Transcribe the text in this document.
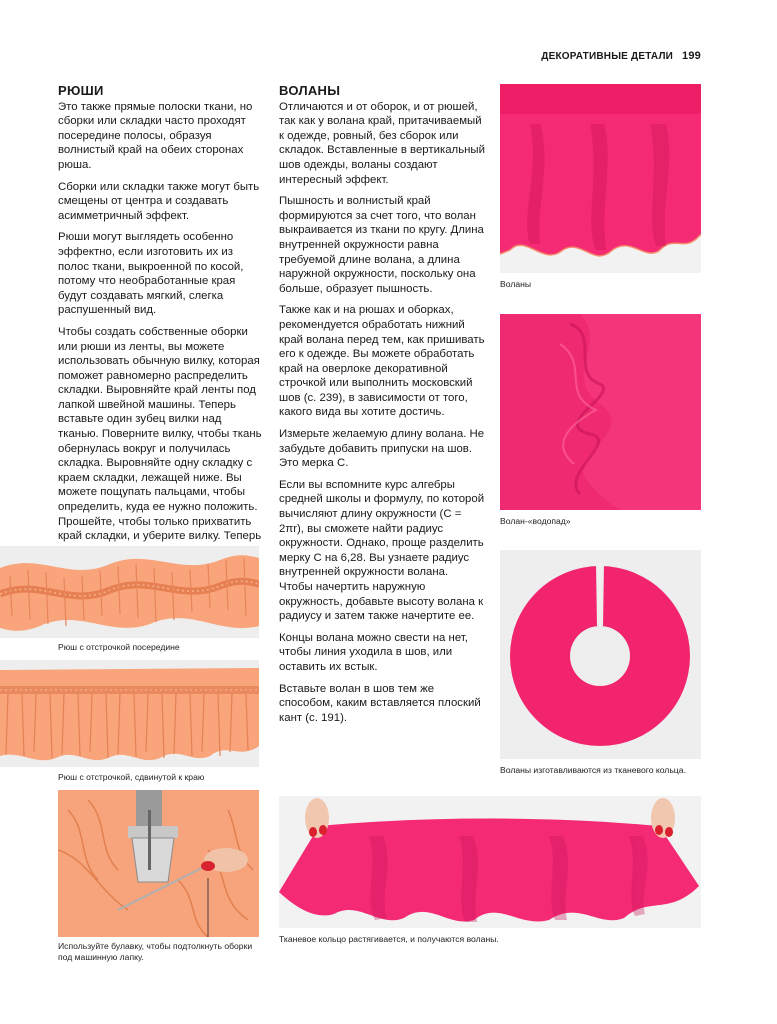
ДЕКОРАТИВНЫЕ ДЕТАЛИ 199
РЮШИ

Это также прямые полоски ткани, но сборки или складки часто проходят посередине полосы, образуя волнистый край на обеих сторонах рюша.

Сборки или складки также могут быть смещены от центра и создавать асимметричный эффект.

Рюши могут выглядеть особенно эффектно, если изготовить их из полос ткани, выкроенной по косой, потому что необработанные края будут создавать мягкий, слегка распушенный вид.

Чтобы создать собственные оборки или рюши из ленты, вы можете использовать обычную вилку, которая поможет равномерно распределить складки. Выровняйте край ленты под лапкой швейной машины. Теперь вставьте один зубец вилки над тканью. Поверните вилку, чтобы ткань обернулась вокруг и получилась складка. Выровняйте одну складку с краем складки, лежащей ниже. Вы можете пощупать пальцами, чтобы определить, куда ее нужно положить. Прошейте, чтобы только прихватить край складки, и уберите вилку. Теперь

ВОЛАНЫ

Отличаются и от оборок, и от рюшей, так как у волана край, притачиваемый к одежде, ровный, без сборок или складок. Вставленные в вертикальный шов одежды, воланы создают интересный эффект.

Пышность и волнистый край формируются за счет того, что волан выкраивается из ткани по кругу. Длина внутренней окружности равна требуемой длине волана, а длина наружной окружности, поскольку она больше, образует пышность.

Также как и на рюшах и оборках, рекомендуется обработать нижний край волана перед тем, как пришивать его к одежде. Вы можете обработать край на оверлоке декоративной строчкой или выполнить московский шов (с. 239), в зависимости от того, какого вида вы хотите достичь.

Измерьте желаемую длину волана. Не забудьте добавить припуски на шов. Это мерка С.

Если вы вспомните курс алгебры средней школы и формулу, по которой вычисляют длину окружности (C = 2πr), вы сможете найти радиус окружности. Однако, проще разделить мерку С на 6,28. Вы узнаете радиус внутренней окружности волана. Чтобы начертить наружную окружность, добавьте высоту волана к радиусу и затем также начертите ее.

Концы волана можно свести на нет, чтобы линия уходила в шов, или оставить их встык.

Вставьте волан в шов тем же способом, каким вставляется плоский кант (с. 191).

Рюш с отстрочкой посередине
Рюш с отстрочкой, сдвинутой к краю
Используйте булавку, чтобы подтолкнуть оборки под машинную лапку.
Воланы
Волан-«водопад»
Воланы изготавливаются из тканевого кольца.
Тканевое кольцо растягивается, и получаются воланы.
